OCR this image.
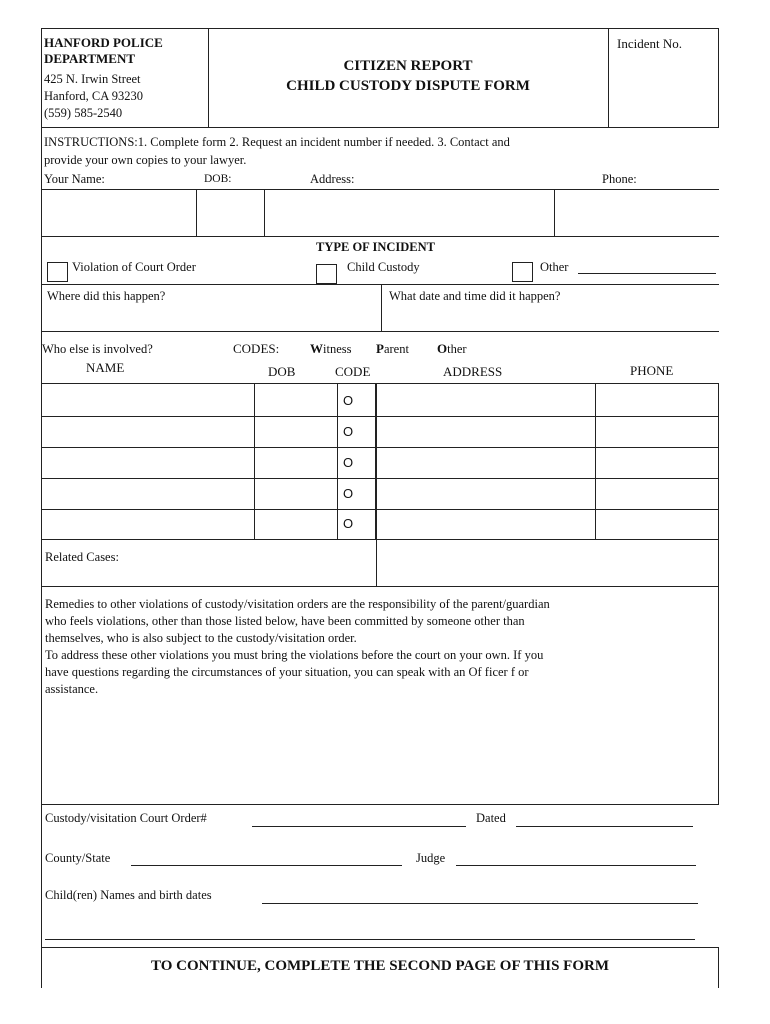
HANFORD POLICE
DEPARTMENT
425 N. Irwin Street
Hanford, CA 93230
(559) 585-2540
CITIZEN REPORT
CHILD CUSTODY DISPUTE FORM
Incident No.
INSTRUCTIONS:1. Complete form 2. Request an incident number if needed. 3. Contact and
provide your own copies to your lawyer.
Your Name:	DOB:	Address:	Phone:
TYPE OF INCIDENT
Violation of Court Order	Child Custody	Other
Where did this happen?	What date and time did it happen?
Who else is involved?	CODES: Witness Parent Other
NAME	DOB	CODE	ADDRESS	PHONE
O
O
O
O
O
Related Cases:
Remedies to other violations of custody/visitation orders are the responsibility of the parent/guardian
who feels violations, other than those listed below, have been committed by someone other than
themselves, who is also subject to the custody/visitation order.
To address these other violations you must bring the violations before the court on your own. If you
have questions regarding the circumstances of your situation, you can speak with an Of ficer f or
assistance.
Custody/visitation Court Order#	Dated
County/State	Judge
Child(ren) Names and birth dates
TO CONTINUE, COMPLETE THE SECOND PAGE OF THIS FORM
